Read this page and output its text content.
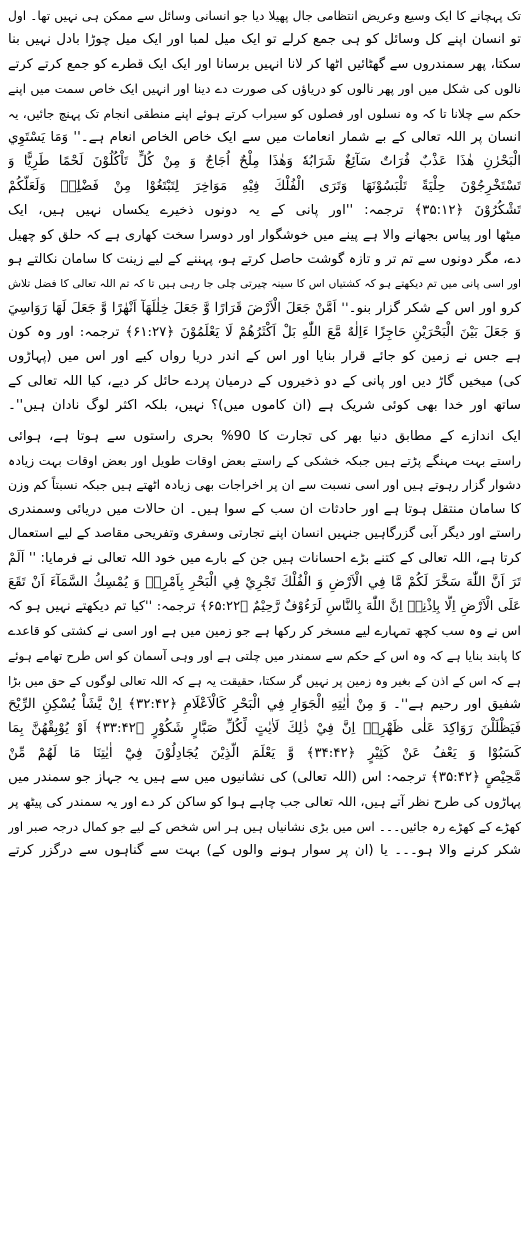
تک پہچانے کا ایک وسیع وعریض انتظامی جال پھیلا دیا جو انسانی وسائل سے ممکن ہی نہیں تھا۔ اول
تو انسان اپنے کل وسائل کو ہی جمع کرلے تو ایک میل لمبا اور ایک میل چوڑا بادل نہیں بنا
سکتا، پھر سمندروں سے گھٹائیں اٹھا کر لانا انہیں برسانا اور ایک ایک قطرے کو جمع کرتے کرتے
نالوں کی شکل میں اور پھر نالوں کو دریاؤں کی صورت دے دینا اور انہیں ایک خاص سمت میں اپنے
حکم سے چلانا تا کہ وہ نسلوں اور فصلوں کو سیراب کرتے ہوئے اپنے منطقی انجام تک پہنچ جائیں، یہ
انسان پر اللہ تعالی کے بے شمار انعامات میں سے ایک خاص الخاص انعام ہے۔'' وَمَا يَسْتَوِي
الْبَحْرٰنِ هٰذَا عَذْبٌ فُرَاتٌ سَآئِغٌ شَرَابُهٗ وَهٰذَا مِلْحٌ اُجَاجٌ وَ مِنْ كُلٍّ تَاْكُلُوْنَ لَحْمًا طَرِيًّا وَ
تَسْتَخْرِجُوْنَ حِلْيَةً تَلْبَسُوْنَهَا وَتَرَى الْفُلْكَ فِيْهِ مَوَاخِرَ لِتَبْتَغُوْا مِنْ فَضْلِهٖ وَلَعَلَّكُمْ
تَشْكُرُوْنَ ﴿۳۵:۱۲﴾ ترجمہ: ''اور پانی کے یہ دونوں ذخیرے یکساں نہیں ہیں، ایک
میٹھا اور پیاس بجھانے والا ہے پینے میں خوشگوار اور دوسرا سخت کھاری ہے کہ حلق کو چھیل
دے، مگر دونوں سے تم تر و تازہ گوشت حاصل کرتے ہو، پہننے کے لیے زینت کا سامان نکالتے ہو
اور اسی پانی میں تم دیکھتے ہو کہ کشتیاں اس کا سینہ چیرتی چلی جا رہی ہیں تا کہ تم اللہ تعالی کا فضل تلاش
کرو اور اس کے شکر گزار بنو۔'' اَمَّنْ جَعَلَ الْاَرْضَ قَرَارًا وَّ جَعَلَ خِلٰلَهَآ اَنْهٰرًا وَّ جَعَلَ لَهَا رَوَاسِيَ
وَ جَعَلَ بَيْنَ الْبَحْرَيْنِ حَاجِزًا ءَاِلٰهٌ مَّعَ اللّٰهِ بَلْ اَكْثَرُهُمْ لَا يَعْلَمُوْنَ ﴿۶۱:۲۷﴾ ترجمہ: اور وہ کون
ہے جس نے زمین کو جائے قرار بنایا اور اس کے اندر دریا رواں کیے اور اس میں (پہاڑوں
کی) میخیں گاڑ دیں اور پانی کے دو ذخیروں کے درمیان پردے حائل کر دیے، کیا اللہ تعالی کے
ساتھ اور خدا بھی کوئی شریک ہے (ان کاموں میں)؟ نہیں، بلکہ اکثر لوگ نادان ہیں''۔
ایک اندازے کے مطابق دنیا بھر کی تجارت کا 90% بحری راستوں سے ہوتا ہے، ہوائی
راستے بہت مہنگے پڑتے ہیں جبکہ خشکی کے راستے بعض اوقات طویل اور بعض اوقات بہت زیادہ
دشوار گزار رہوتے ہیں اور اسی نسبت سے ان پر اخراجات بھی زیادہ اٹھتے ہیں جبکہ نسبتاً کم وزن
کا سامان منتقل ہوتا ہے اور حادثات ان سب کے سوا ہیں۔ ان حالات میں دریائی وسمندری
راستے اور دیگر آبی گزرگاہیں جنہیں انسان اپنے تجارتی وسفری وتفریحی مقاصد کے لیے استعمال
کرتا ہے، اللہ تعالی کے کتنے بڑے احسانات ہیں جن کے بارے میں خود اللہ تعالی نے فرمایا: '' اَلَمْ
تَرَ اَنَّ اللّٰهَ سَخَّرَ لَكُمْ مَّا فِي الْاَرْضِ وَ الْفُلْكَ تَجْرِيْ فِي الْبَحْرِ بِاَمْرِهٖ وَ يُمْسِكُ السَّمَآءَ اَنْ تَقَعَ
عَلَى الْاَرْضِ اِلَّا بِاِذْنِهٖ اِنَّ اللّٰهَ بِالنَّاسِ لَرَءُوْفٌ رَّحِيْمٌ ﴿۶۵:۲۲﴾ ترجمہ: ''کیا تم دیکھتے نہیں ہو کہ
اس نے وہ سب کچھ تمہارے لیے مسخر کر رکھا ہے جو زمین میں ہے اور اسی نے کشتی کو قاعدے
کا پابند بنایا ہے کہ وہ اس کے حکم سے سمندر میں چلتی ہے اور وہی آسمان کو اس طرح تھامے ہوئے
ہے کہ اس کے اذن کے بغیر وہ زمین پر نہیں گر سکتا، حقیقت یہ ہے کہ اللہ تعالی لوگوں کے حق میں بڑا
شفیق اور رحیم ہے''۔ وَ مِنْ اٰيٰتِهِ الْجَوَارِ فِي الْبَحْرِ كَالْاَعْلَامِ ﴿۳۲:۴۲﴾ اِنْ يَّشَاْ يُسْكِنِ الرِّيْحَ
فَيَظْلَلْنَ رَوَاكِدَ عَلٰى ظَهْرِهٖ اِنَّ فِيْ ذٰلِكَ لَاٰيٰتٍ لِّكُلِّ صَبَّارٍ شَكُوْرٍ ﴿۳۳:۴۲﴾ اَوْ يُوْبِقْهُنَّ بِمَا
كَسَبُوْا وَ يَعْفُ عَنْ كَثِيْرٍ ﴿۳۴:۴۲﴾ وَّ يَعْلَمَ الَّذِيْنَ يُجَادِلُوْنَ فِيْٓ اٰيٰتِنَا مَا لَهُمْ مِّنْ
مَّحِيْصٍ ﴿۳۵:۴۲﴾ ترجمہ: اس (اللہ تعالی) کی نشانیوں میں سے ہیں یہ جہاز جو سمندر میں
پہاڑوں کی طرح نظر آتے ہیں، اللہ تعالی جب چاہے ہوا کو ساکن کر دے اور یہ سمندر کی پیٹھ پر
کھڑے کے کھڑے رہ جائیں۔۔۔ اس میں بڑی نشانیاں ہیں ہر اس شخص کے لیے جو کمال درجہ صبر اور
شکر کرنے والا ہو۔۔۔ یا (ان پر سوار ہونے والوں کے) بہت سے گناہوں سے درگزر کرتے
